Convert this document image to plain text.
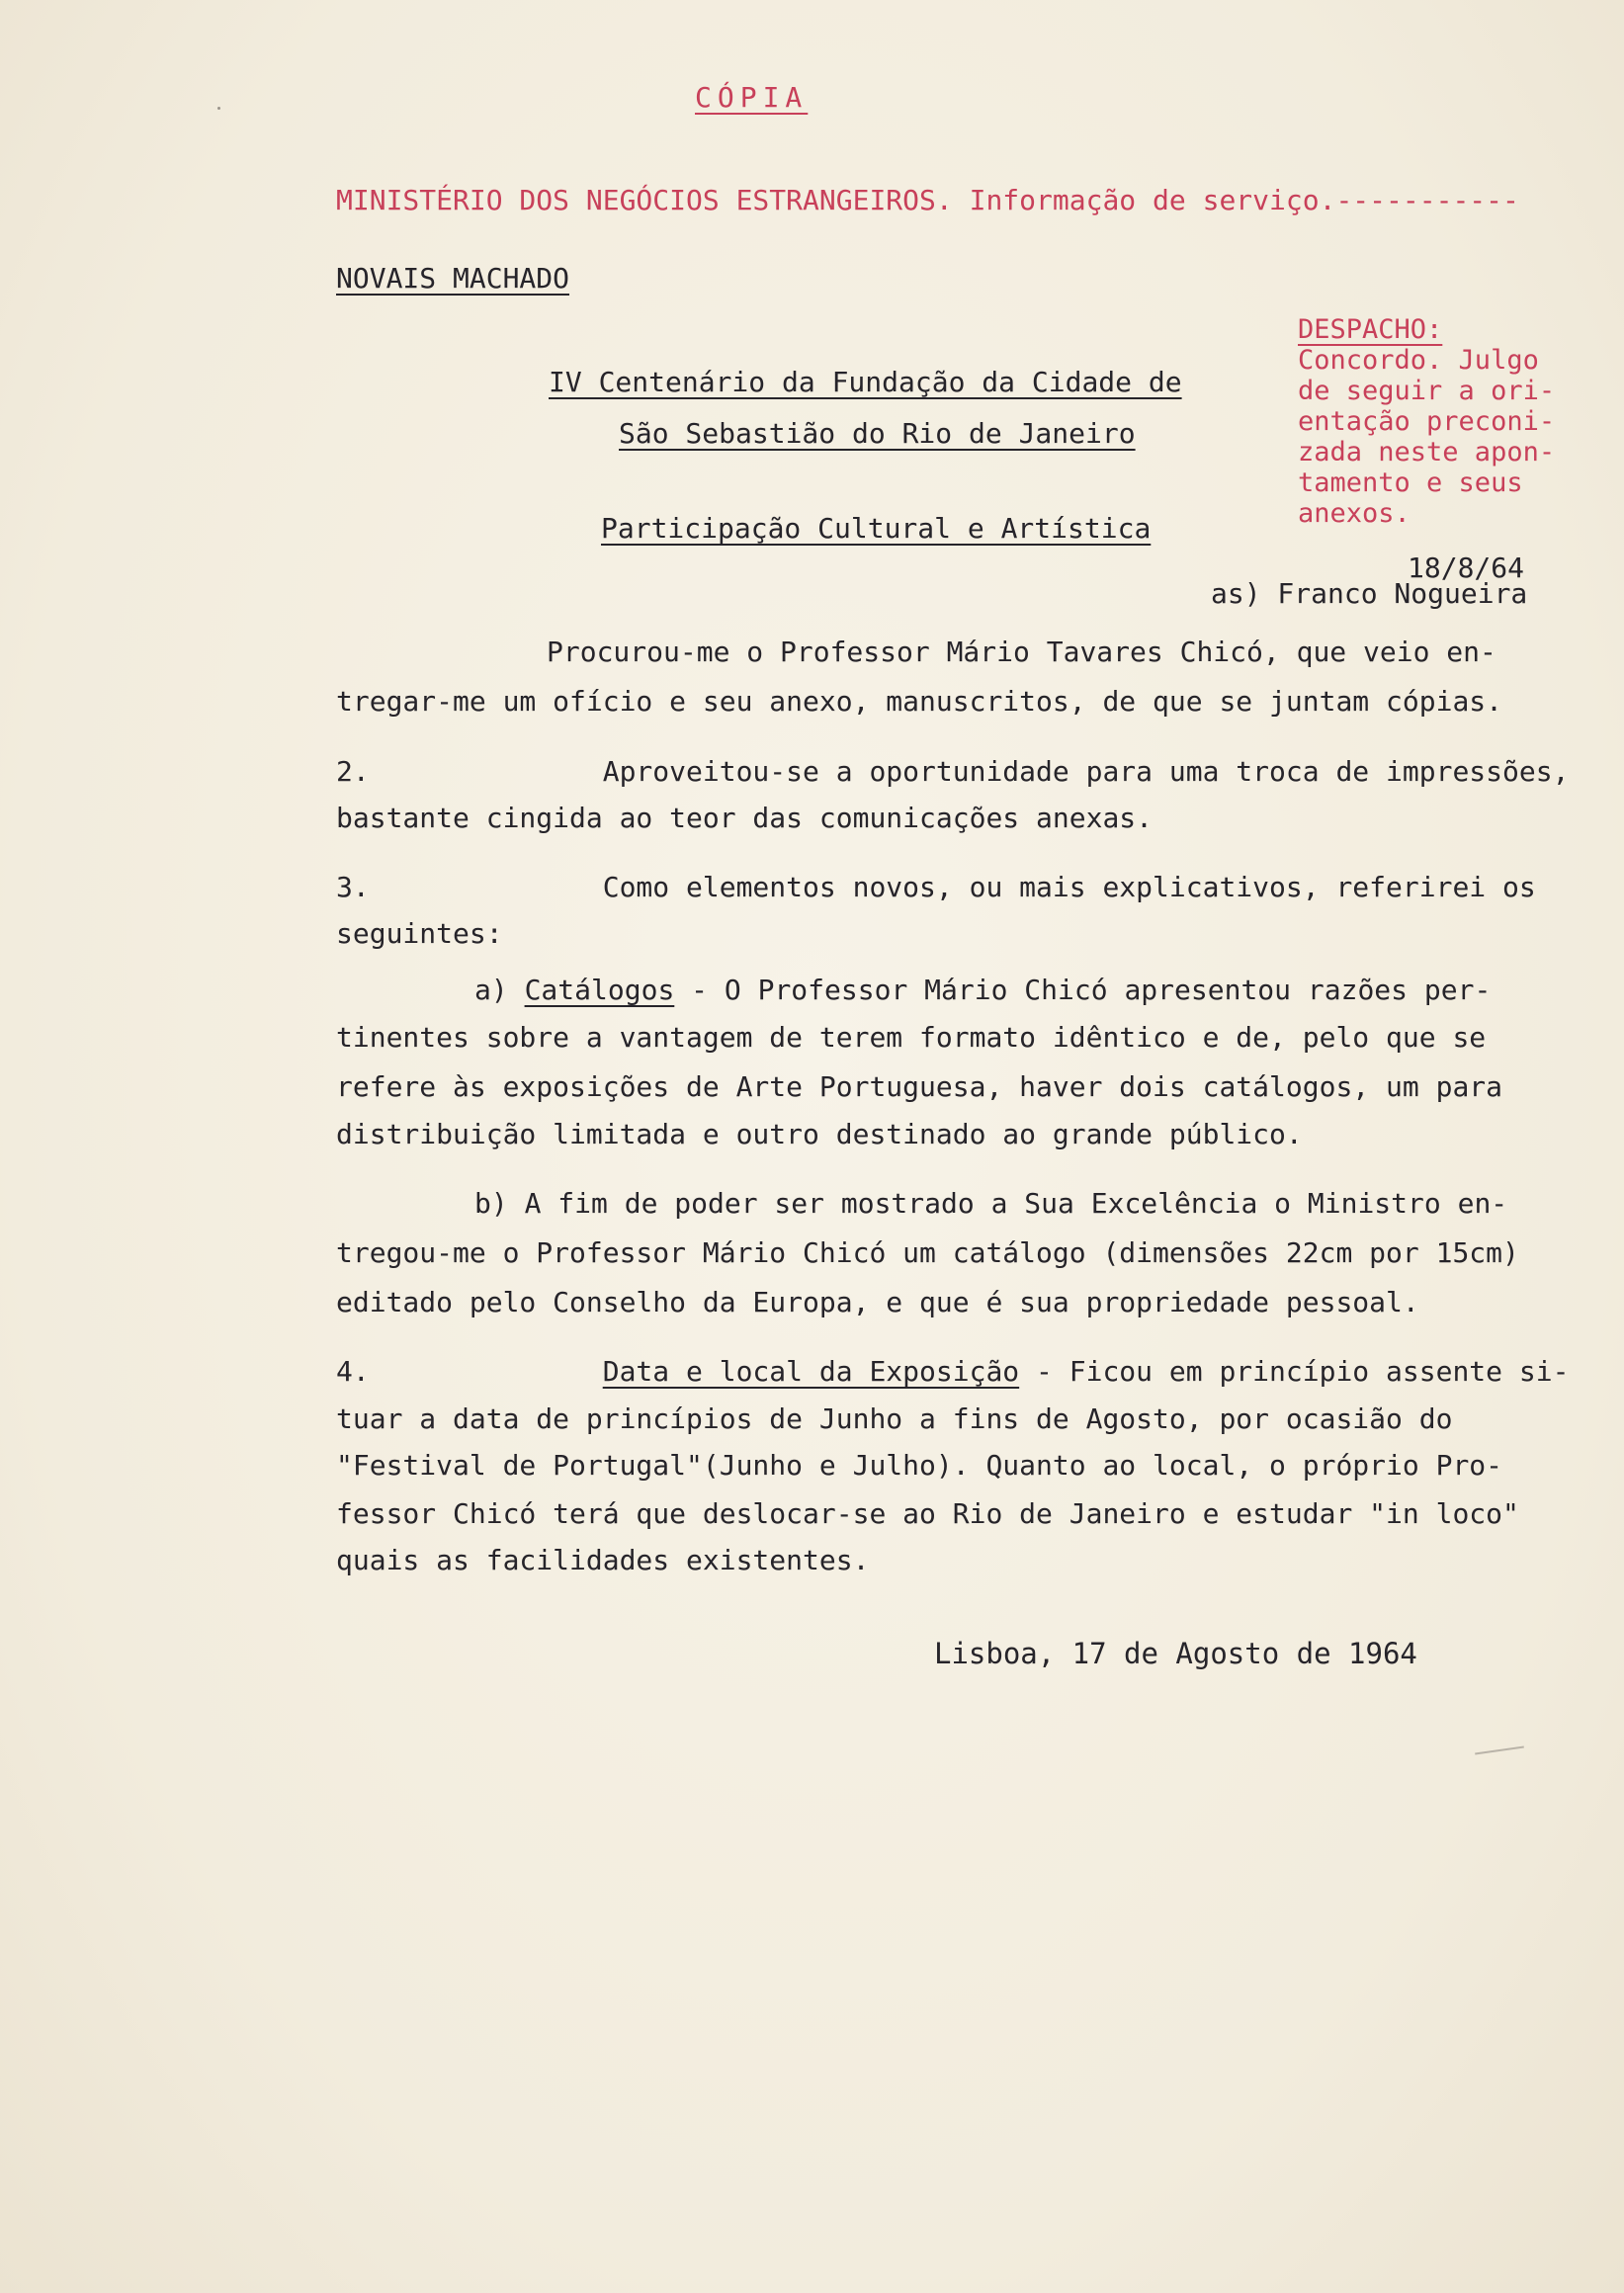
CÓPIA
MINISTÉRIO DOS NEGÓCIOS ESTRANGEIROS. Informação de serviço.-----------
NOVAIS MACHADO
IV Centenário da Fundação da Cidade de
São Sebastião do Rio de Janeiro
Participação Cultural e Artística
DESPACHO:
Concordo. Julgo
de seguir a ori-
entação preconi-
zada neste apon-
tamento e seus
anexos.
18/8/64
as) Franco Nogueira
Procurou-me o Professor Mário Tavares Chicó, que veio en-
tregar-me um ofício e seu anexo, manuscritos, de que se juntam cópias.
2.              Aproveitou-se a oportunidade para uma troca de impressões,
bastante cingida ao teor das comunicações anexas.
3.              Como elementos novos, ou mais explicativos, referirei os
seguintes:
a) Catálogos - O Professor Mário Chicó apresentou razões per-
tinentes sobre a vantagem de terem formato idêntico e de, pelo que se
refere às exposições de Arte Portuguesa, haver dois catálogos, um para
distribuição limitada e outro destinado ao grande público.
b) A fim de poder ser mostrado a Sua Excelência o Ministro en-
tregou-me o Professor Mário Chicó um catálogo (dimensões 22cm por 15cm)
editado pelo Conselho da Europa, e que é sua propriedade pessoal.
4.              Data e local da Exposição - Ficou em princípio assente si-
tuar a data de princípios de Junho a fins de Agosto, por ocasião do
"Festival de Portugal"(Junho e Julho). Quanto ao local, o próprio Pro-
fessor Chicó terá que deslocar-se ao Rio de Janeiro e estudar "in loco"
quais as facilidades existentes.
Lisboa, 17 de Agosto de 1964
